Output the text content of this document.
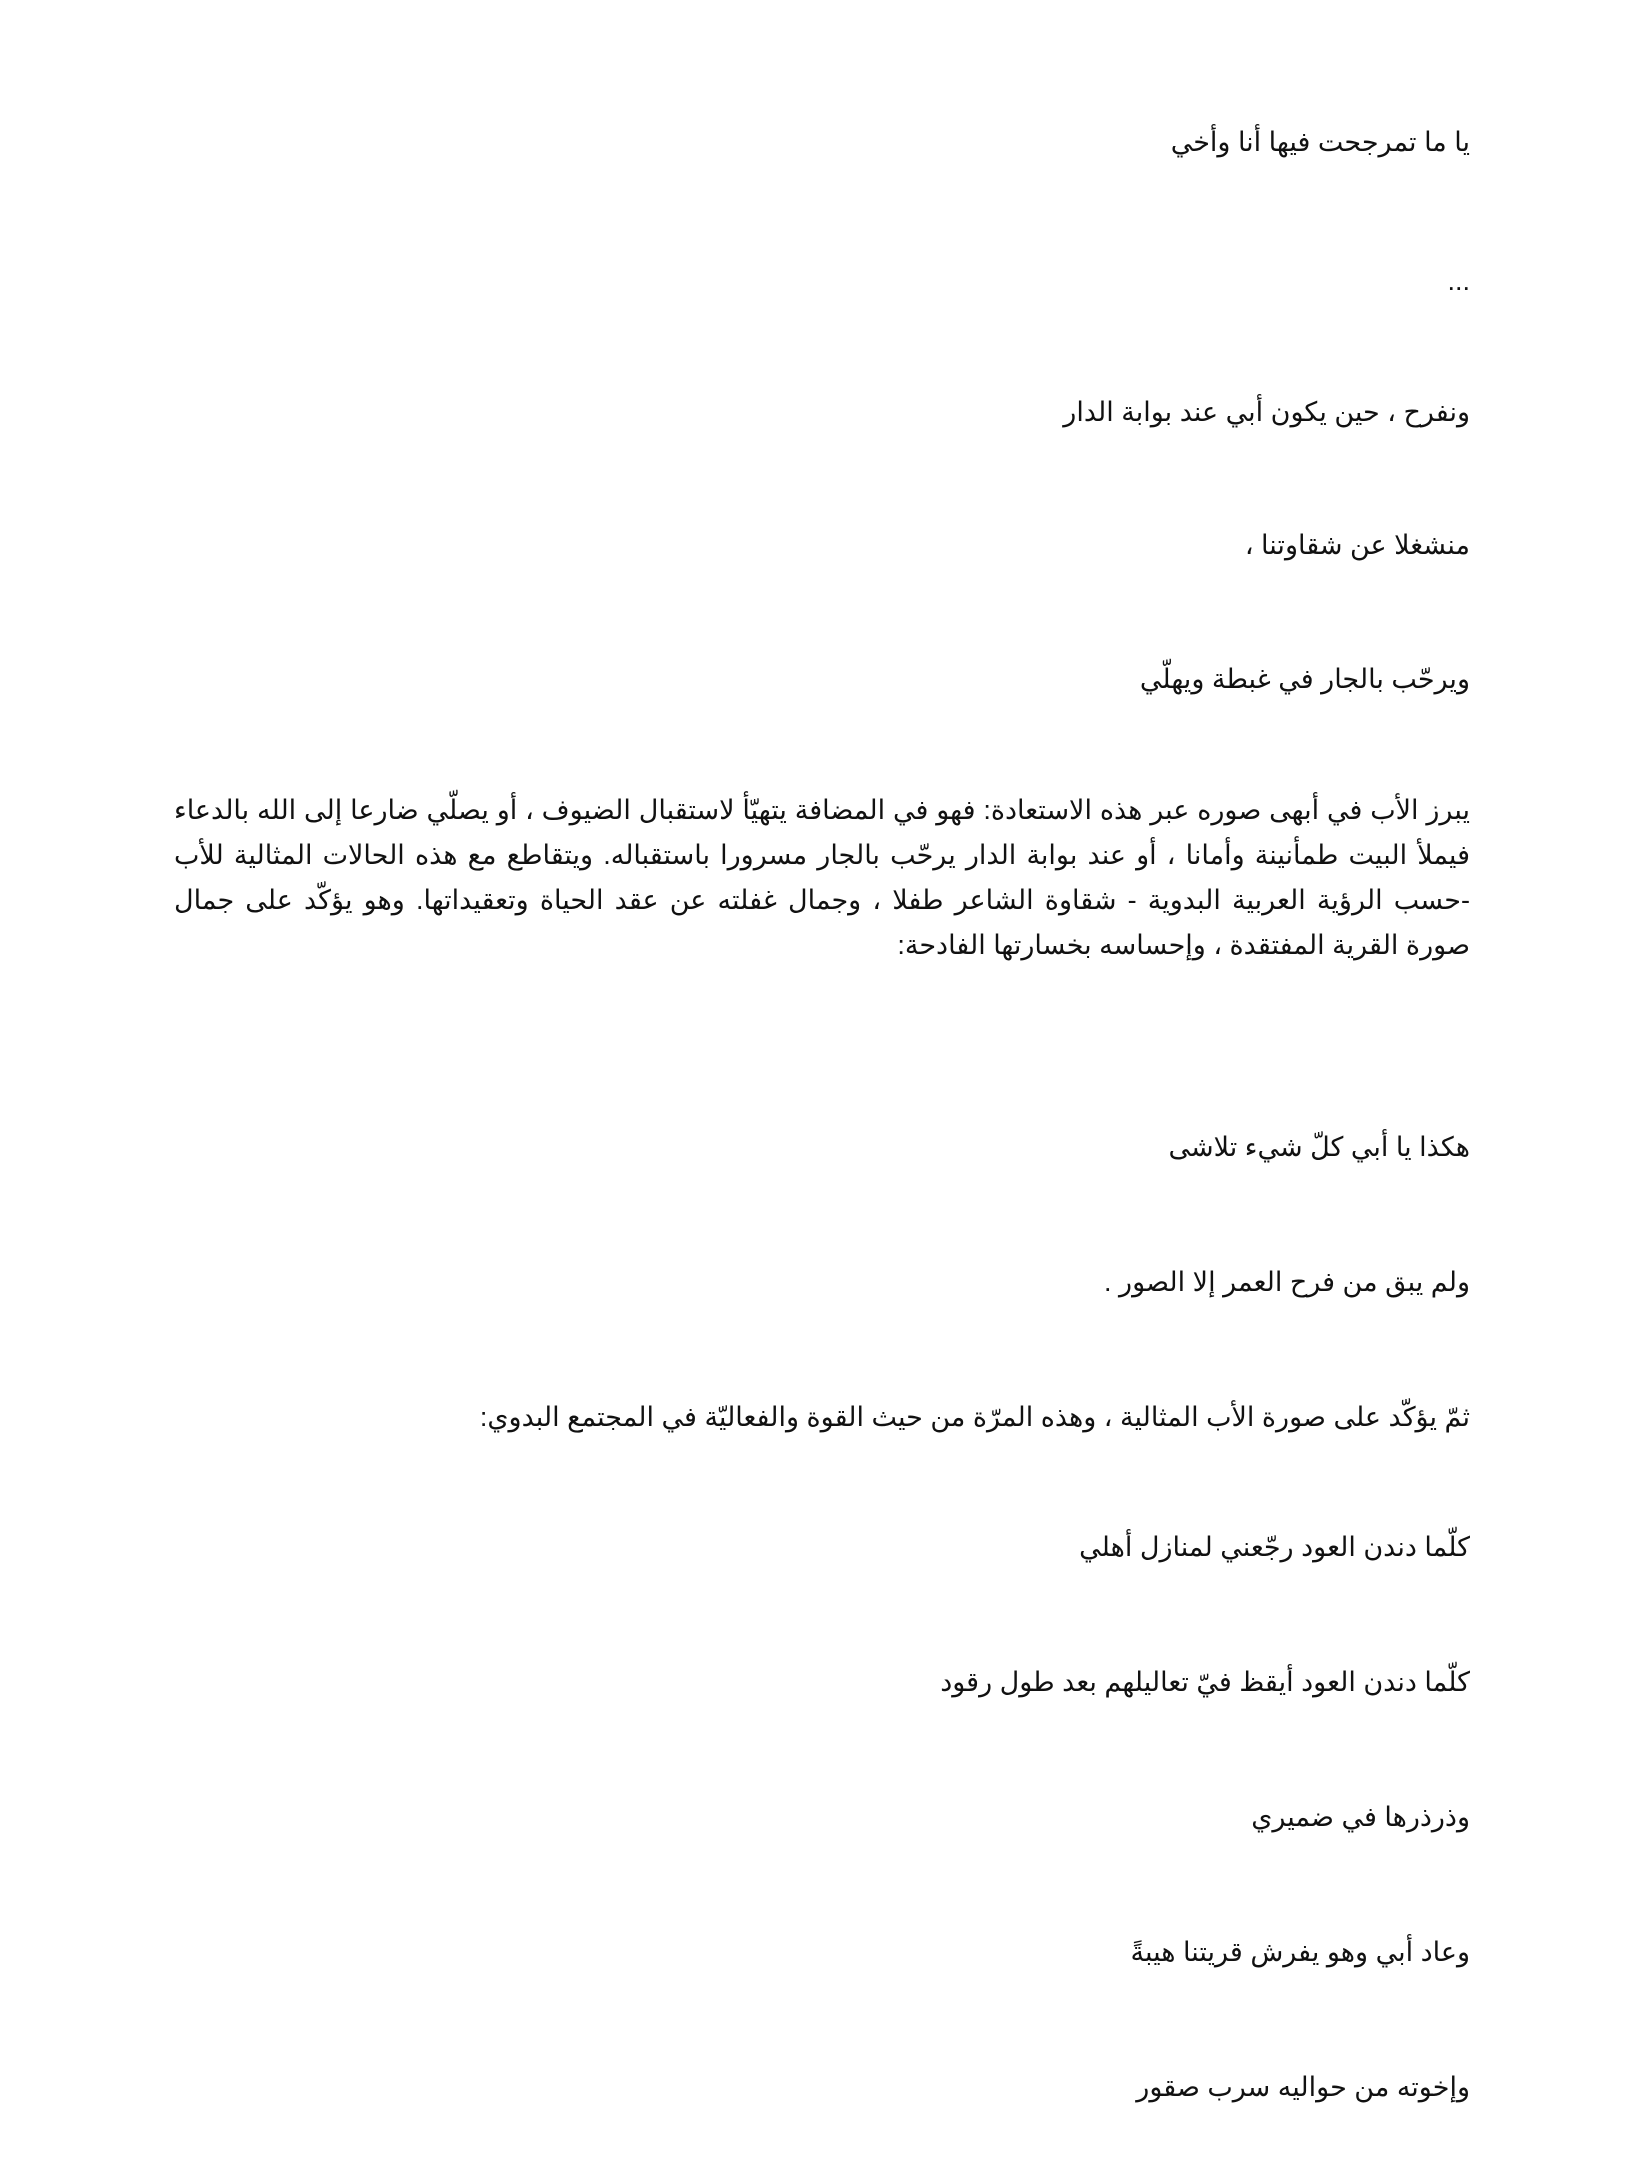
يا ما تمرجحت فيها أنا وأخي
...
ونفرح ، حين يكون أبي عند بوابة الدار
منشغلا عن شقاوتنا ،
ويرحّب بالجار في غبطة ويهلّي
يبرز الأب في أبهى صوره عبر هذه الاستعادة: فهو في المضافة يتهيّأ لاستقبال الضيوف ، أو يصلّي ضارعا إلى الله بالدعاء فيملأ البيت طمأنينة وأمانا ، أو عند بوابة الدار يرحّب بالجار مسرورا باستقباله. ويتقاطع مع هذه الحالات المثالية للأب -حسب الرؤية العربية البدوية - شقاوة الشاعر طفلا ، وجمال غفلته عن عقد الحياة وتعقيداتها. وهو يؤكّد على جمال صورة القرية المفتقدة ، وإحساسه بخسارتها الفادحة:
هكذا يا أبي كلّ شيء تلاشى
ولم يبق من فرح العمر إلا الصور .
ثمّ يؤكّد على صورة الأب المثالية ، وهذه المرّة من حيث القوة والفعاليّة في المجتمع البدوي:
كلّما دندن العود رجّعني لمنازل أهلي
كلّما دندن العود أيقظ فيّ تعاليلهم بعد طول رقود
وذرذرها في ضميري
وعاد أبي وهو يفرش قريتنا هيبةً
وإخوته من حواليه سرب صقور
